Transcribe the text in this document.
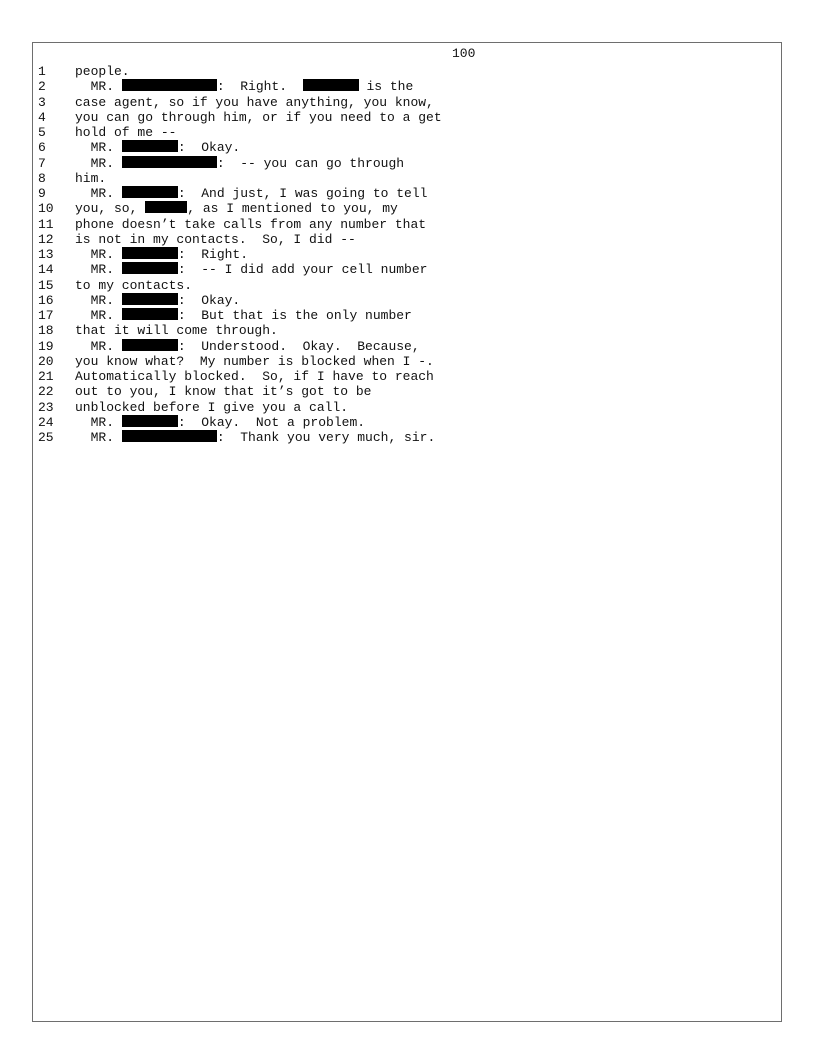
100
1	people.
2	MR.	:  Right.	is the
3	case agent, so if you have anything, you know,
4	you can go through him, or if you need to a get
5	hold of me --
6	MR.	:  Okay.
7	MR.	:  -- you can go through
8	him.
9	MR.	:  And just, I was going to tell
10	you, so,	, as I mentioned to you, my
11	phone doesn’t take calls from any number that
12	is not in my contacts.  So, I did --
13	MR.	:  Right.
14	MR.	:  -- I did add your cell number
15	to my contacts.
16	MR.	:  Okay.
17	MR.	:  But that is the only number
18	that it will come through.
19	MR.	:  Understood.  Okay.  Because,
20	you know what?  My number is blocked when I -.
21	Automatically blocked.  So, if I have to reach
22	out to you, I know that it’s got to be
23	unblocked before I give you a call.
24	MR.	:  Okay.  Not a problem.
25	MR.	:  Thank you very much, sir.
